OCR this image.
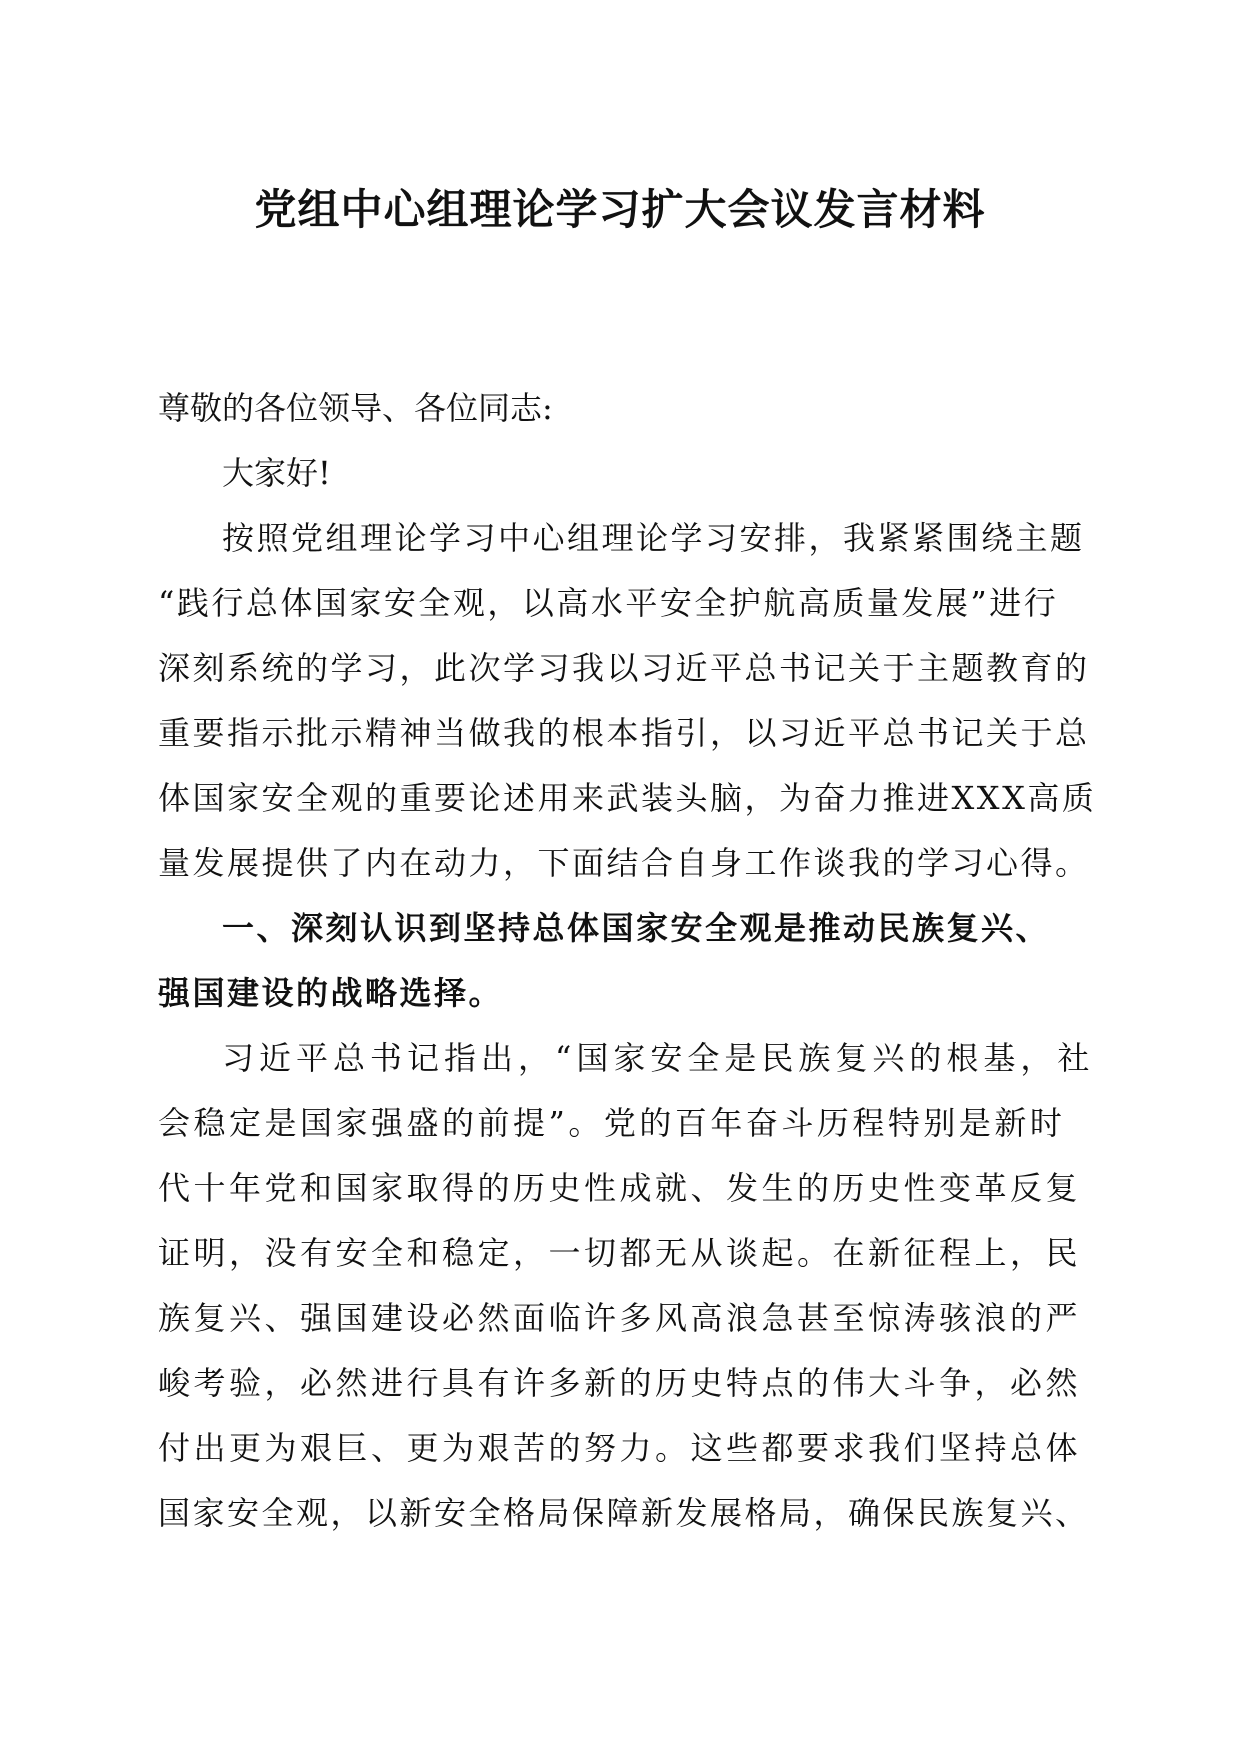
党组中心组理论学习扩大会议发言材料
尊敬的各位领导、各位同志:
大家好!
按照党组理论学习中心组理论学习安排，我紧紧围绕主题
“践行总体国家安全观，以高水平安全护航高质量发展”进行
深刻系统的学习，此次学习我以习近平总书记关于主题教育的
重要指示批示精神当做我的根本指引，以习近平总书记关于总
体国家安全观的重要论述用来武装头脑，为奋力推进XXX高质
量发展提供了内在动力，下面结合自身工作谈我的学习心得。
一、深刻认识到坚持总体国家安全观是推动民族复兴、
强国建设的战略选择。
习近平总书记指出，“国家安全是民族复兴的根基，社
会稳定是国家强盛的前提”。党的百年奋斗历程特别是新时
代十年党和国家取得的历史性成就、发生的历史性变革反复
证明，没有安全和稳定，一切都无从谈起。在新征程上，民
族复兴、强国建设必然面临许多风高浪急甚至惊涛骇浪的严
峻考验，必然进行具有许多新的历史特点的伟大斗争，必然
付出更为艰巨、更为艰苦的努力。这些都要求我们坚持总体
国家安全观，以新安全格局保障新发展格局，确保民族复兴、
